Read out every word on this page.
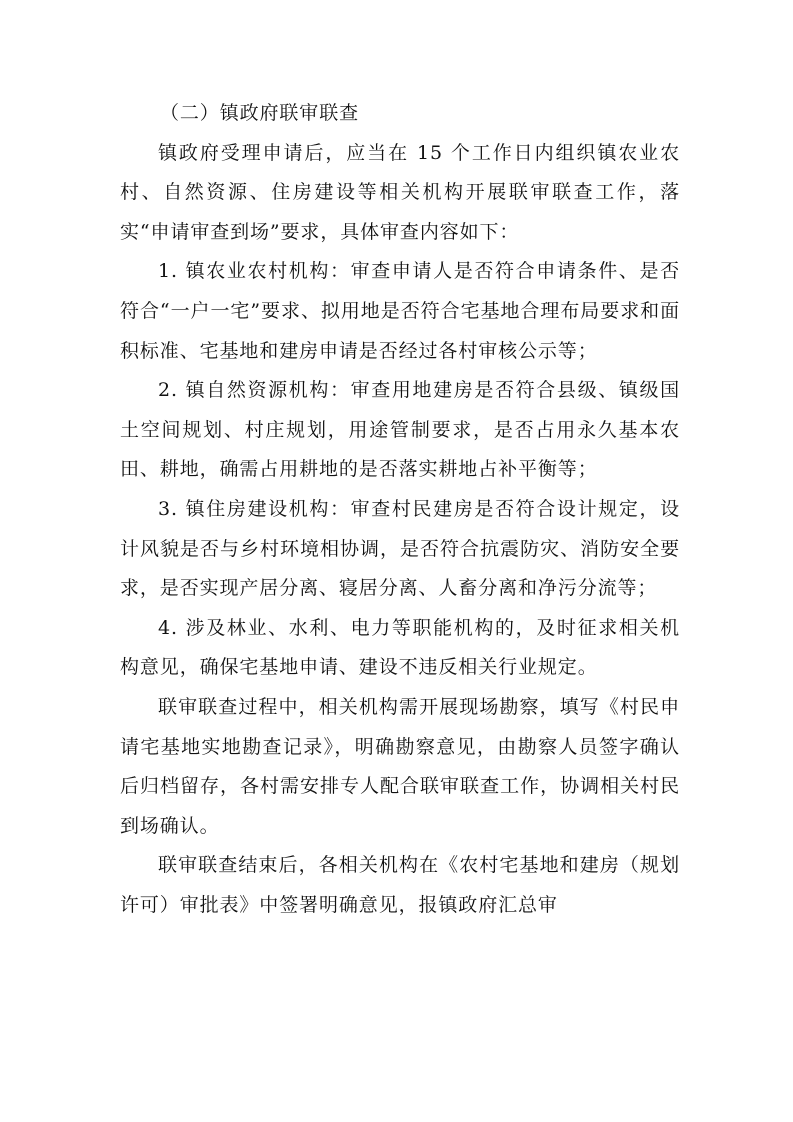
（二）镇政府联审联查

镇政府受理申请后，应当在 15 个工作日内组织镇农业农村、自然资源、住房建设等相关机构开展联审联查工作，落实“申请审查到场”要求，具体审查内容如下：

1. 镇农业农村机构：审查申请人是否符合申请条件、是否符合“一户一宅”要求、拟用地是否符合宅基地合理布局要求和面积标准、宅基地和建房申请是否经过各村审核公示等；

2. 镇自然资源机构：审查用地建房是否符合县级、镇级国土空间规划、村庄规划，用途管制要求，是否占用永久基本农田、耕地，确需占用耕地的是否落实耕地占补平衡等；

3. 镇住房建设机构：审查村民建房是否符合设计规定，设计风貌是否与乡村环境相协调，是否符合抗震防灾、消防安全要求，是否实现产居分离、寝居分离、人畜分离和净污分流等；

4. 涉及林业、水利、电力等职能机构的，及时征求相关机构意见，确保宅基地申请、建设不违反相关行业规定。

联审联查过程中，相关机构需开展现场勘察，填写《村民申请宅基地实地勘查记录》，明确勘察意见，由勘察人员签字确认后归档留存，各村需安排专人配合联审联查工作，协调相关村民到场确认。

联审联查结束后，各相关机构在《农村宅基地和建房（规划许可）审批表》中签署明确意见，报镇政府汇总审
